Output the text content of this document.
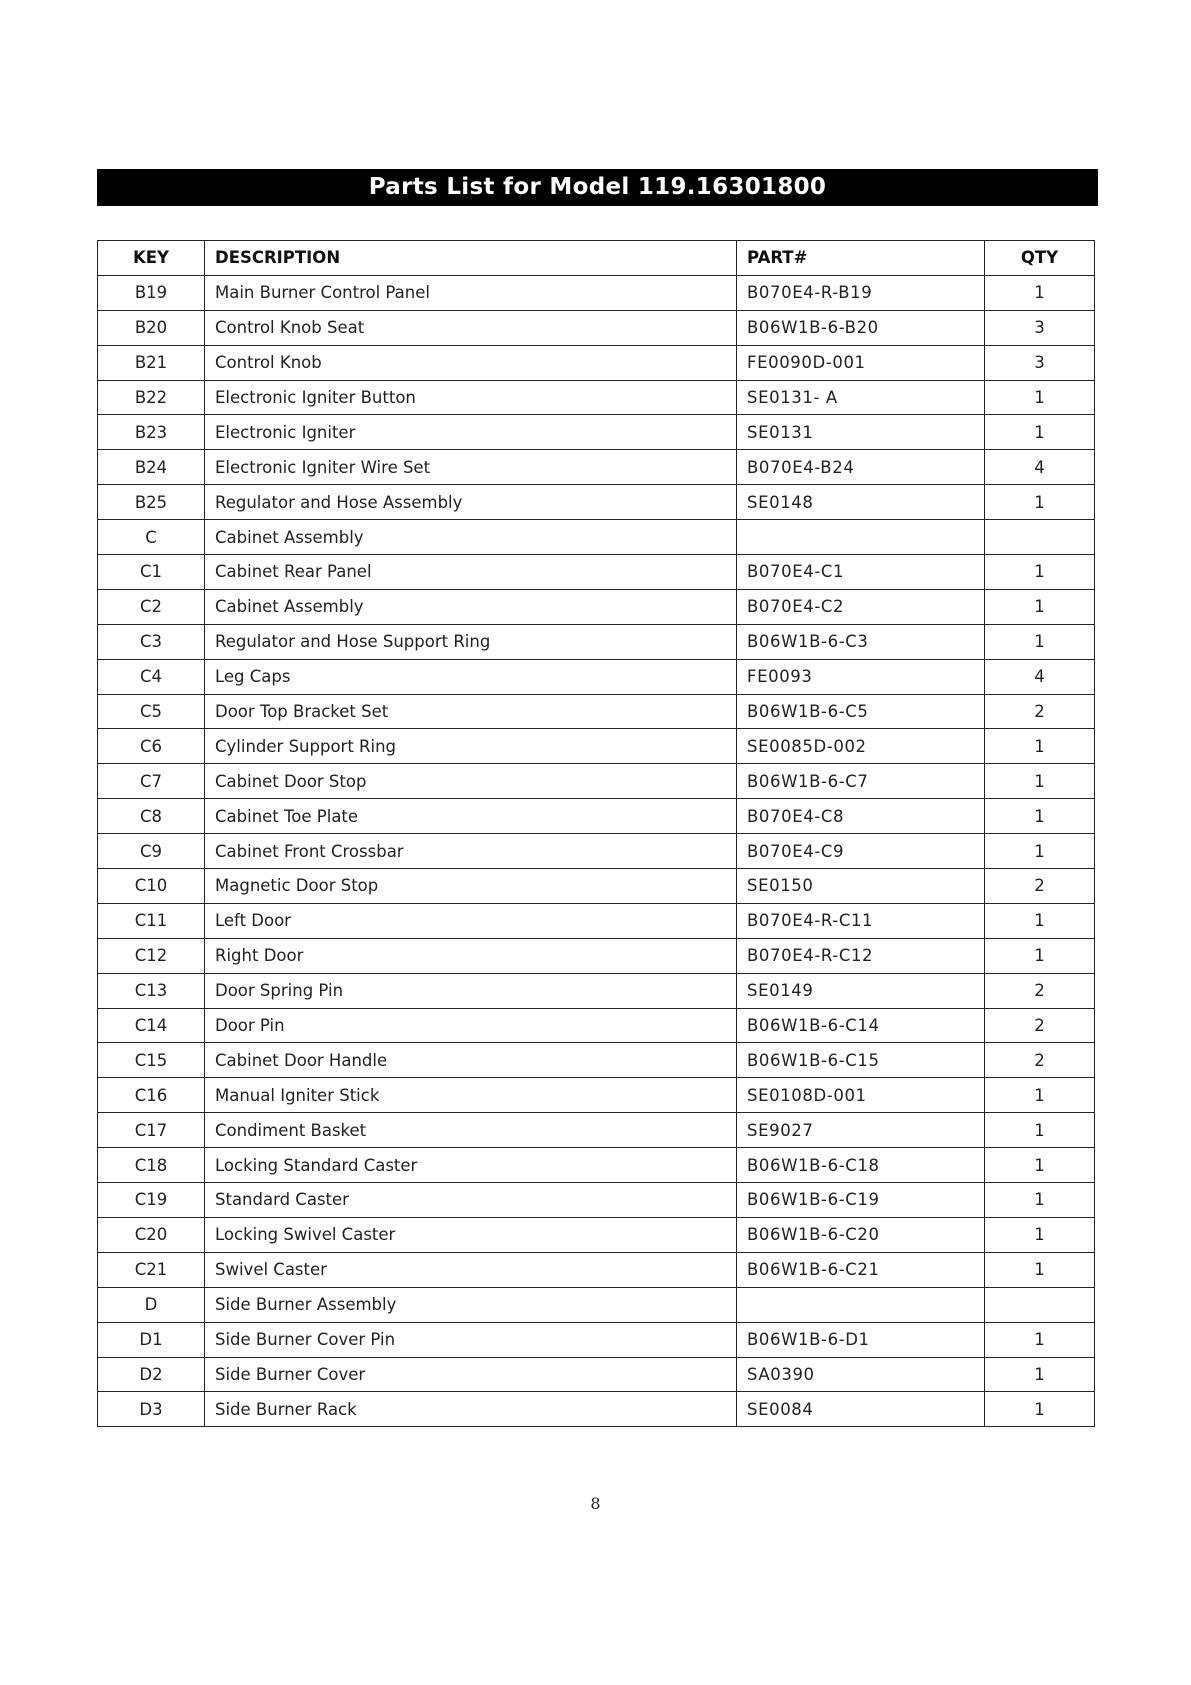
Parts List for Model 119.16301800
KEY	DESCRIPTION	PART#	QTY
B19	Main Burner Control Panel	B070E4-R-B19	1
B20	Control Knob Seat	B06W1B-6-B20	3
B21	Control Knob	FE0090D-001	3
B22	Electronic Igniter Button	SE0131- A	1
B23	Electronic Igniter	SE0131	1
B24	Electronic Igniter Wire Set	B070E4-B24	4
B25	Regulator and Hose Assembly	SE0148	1
C	Cabinet Assembly		
C1	Cabinet Rear Panel	B070E4-C1	1
C2	Cabinet Assembly	B070E4-C2	1
C3	Regulator and Hose Support Ring	B06W1B-6-C3	1
C4	Leg Caps	FE0093	4
C5	Door Top Bracket Set	B06W1B-6-C5	2
C6	Cylinder Support Ring	SE0085D-002	1
C7	Cabinet Door Stop	B06W1B-6-C7	1
C8	Cabinet Toe Plate	B070E4-C8	1
C9	Cabinet Front Crossbar	B070E4-C9	1
C10	Magnetic Door Stop	SE0150	2
C11	Left Door	B070E4-R-C11	1
C12	Right Door	B070E4-R-C12	1
C13	Door Spring Pin	SE0149	2
C14	Door Pin	B06W1B-6-C14	2
C15	Cabinet Door Handle	B06W1B-6-C15	2
C16	Manual Igniter Stick	SE0108D-001	1
C17	Condiment Basket	SE9027	1
C18	Locking Standard Caster	B06W1B-6-C18	1
C19	Standard Caster	B06W1B-6-C19	1
C20	Locking Swivel Caster	B06W1B-6-C20	1
C21	Swivel Caster	B06W1B-6-C21	1
D	Side Burner Assembly		
D1	Side Burner Cover Pin	B06W1B-6-D1	1
D2	Side Burner Cover	SA0390	1
D3	Side Burner Rack	SE0084	1
8
